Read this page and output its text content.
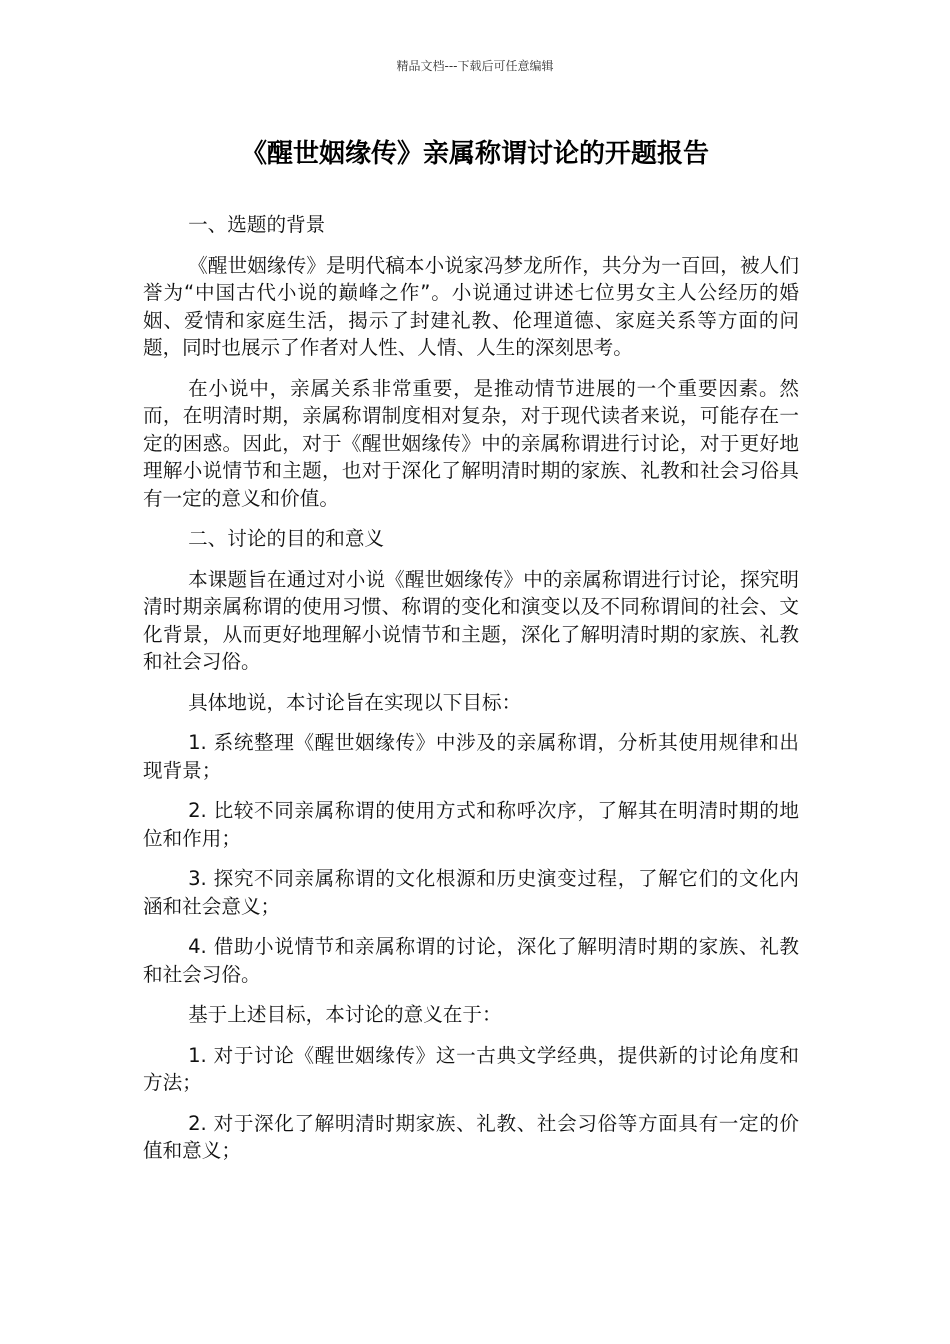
精品文档---下载后可任意编辑
《醒世姻缘传》亲属称谓讨论的开题报告

一、选题的背景

《醒世姻缘传》是明代稿本小说家冯梦龙所作，共分为一百回，被人们誉为“中国古代小说的巅峰之作”。小说通过讲述七位男女主人公经历的婚姻、爱情和家庭生活，揭示了封建礼教、伦理道德、家庭关系等方面的问题，同时也展示了作者对人性、人情、人生的深刻思考。

在小说中，亲属关系非常重要，是推动情节进展的一个重要因素。然而，在明清时期，亲属称谓制度相对复杂，对于现代读者来说，可能存在一定的困惑。因此，对于《醒世姻缘传》中的亲属称谓进行讨论，对于更好地理解小说情节和主题，也对于深化了解明清时期的家族、礼教和社会习俗具有一定的意义和价值。

二、讨论的目的和意义

本课题旨在通过对小说《醒世姻缘传》中的亲属称谓进行讨论，探究明清时期亲属称谓的使用习惯、称谓的变化和演变以及不同称谓间的社会、文化背景，从而更好地理解小说情节和主题，深化了解明清时期的家族、礼教和社会习俗。

具体地说，本讨论旨在实现以下目标：

1. 系统整理《醒世姻缘传》中涉及的亲属称谓，分析其使用规律和出现背景；

2. 比较不同亲属称谓的使用方式和称呼次序，了解其在明清时期的地位和作用；

3. 探究不同亲属称谓的文化根源和历史演变过程，了解它们的文化内涵和社会意义；

4. 借助小说情节和亲属称谓的讨论，深化了解明清时期的家族、礼教和社会习俗。

基于上述目标，本讨论的意义在于：

1. 对于讨论《醒世姻缘传》这一古典文学经典，提供新的讨论角度和方法；

2. 对于深化了解明清时期家族、礼教、社会习俗等方面具有一定的价值和意义；
